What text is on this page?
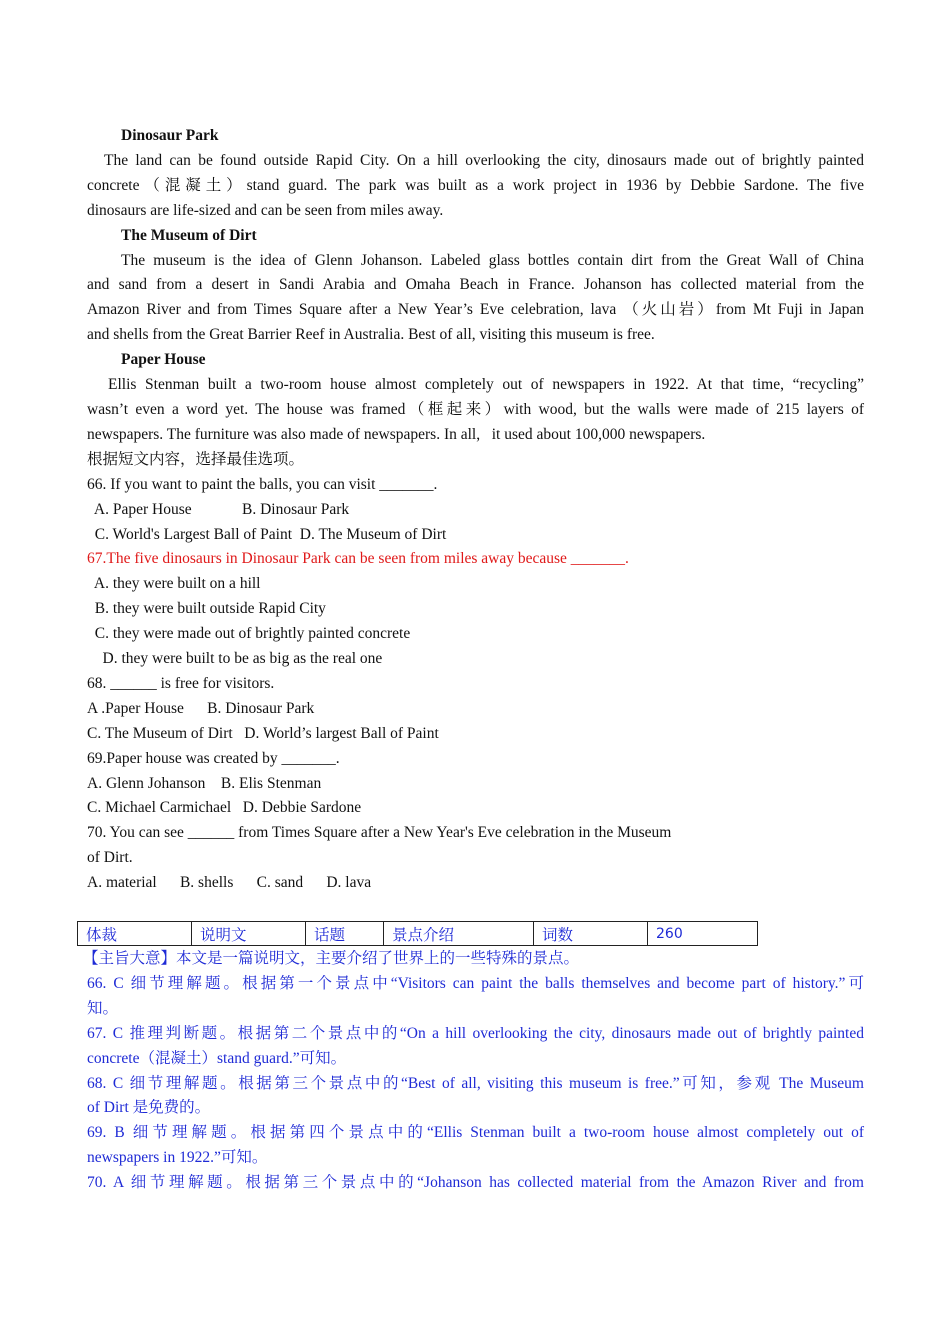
Dinosaur Park
The land can be found outside Rapid City. On a hill overlooking the city, dinosaurs made out of brightly painted
concrete（混凝土）stand guard. The park was built as a work project in 1936 by Debbie Sardone. The five
dinosaurs are life-sized and can be seen from miles away.
The Museum of Dirt
The museum is the idea of Glenn Johanson. Labeled glass bottles contain dirt from the Great Wall of China
and sand from a desert in Sandi Arabia and Omaha Beach in France. Johanson has collected material from the
Amazon River and from Times Square after a New Year’s Eve celebration, lava （火山岩）from Mt Fuji in Japan
and shells from the Great Barrier Reef in Australia. Best of all, visiting this museum is free.
Paper House
Ellis Stenman built a two-room house almost completely out of newspapers in 1922. At that time, “recycling”
wasn’t even a word yet. The house was framed（框起来）with wood, but the walls were made of 215 layers of
newspapers. The furniture was also made of newspapers. In all,   it used about 100,000 newspapers.
根据短文内容，选择最佳选项。
66. If you want to paint the balls, you can visit _______.
A. Paper House             B. Dinosaur Park
C. World's Largest Ball of Paint  D. The Museum of Dirt
67.The five dinosaurs in Dinosaur Park can be seen from miles away because _______.
A. they were built on a hill
B. they were built outside Rapid City
C. they were made out of brightly painted concrete
D. they were built to be as big as the real one
68. ______ is free for visitors.
A .Paper House      B. Dinosaur Park
C. The Museum of Dirt   D. World’s largest Ball of Paint
69.Paper house was created by _______.
A. Glenn Johanson    B. Elis Stenman
C. Michael Carmichael   D. Debbie Sardone
70. You can see ______ from Times Square after a New Year's Eve celebration in the Museum
of Dirt.
A. material      B. shells      C. sand      D. lava
体裁	说明文	话题	景点介绍	词数	260
【主旨大意】本文是一篇说明文，主要介绍了世界上的一些特殊的景点。
66. C 细节理解题。根据第一个景点中“Visitors can paint the balls themselves and become part of history.”可
知。
67. C 推理判断题。根据第二个景点中的“On a hill overlooking the city, dinosaurs made out of brightly painted
concrete（混凝土）stand guard.”可知。
68. C 细节理解题。根据第三个景点中的“Best of all, visiting this museum is free.”可知，参观 The Museum
of Dirt 是免费的。
69. B 细节理解题。根据第四个景点中的“Ellis Stenman built a two-room house almost completely out of
newspapers in 1922.”可知。
70. A 细节理解题。根据第三个景点中的“Johanson has collected material from the Amazon River and from
